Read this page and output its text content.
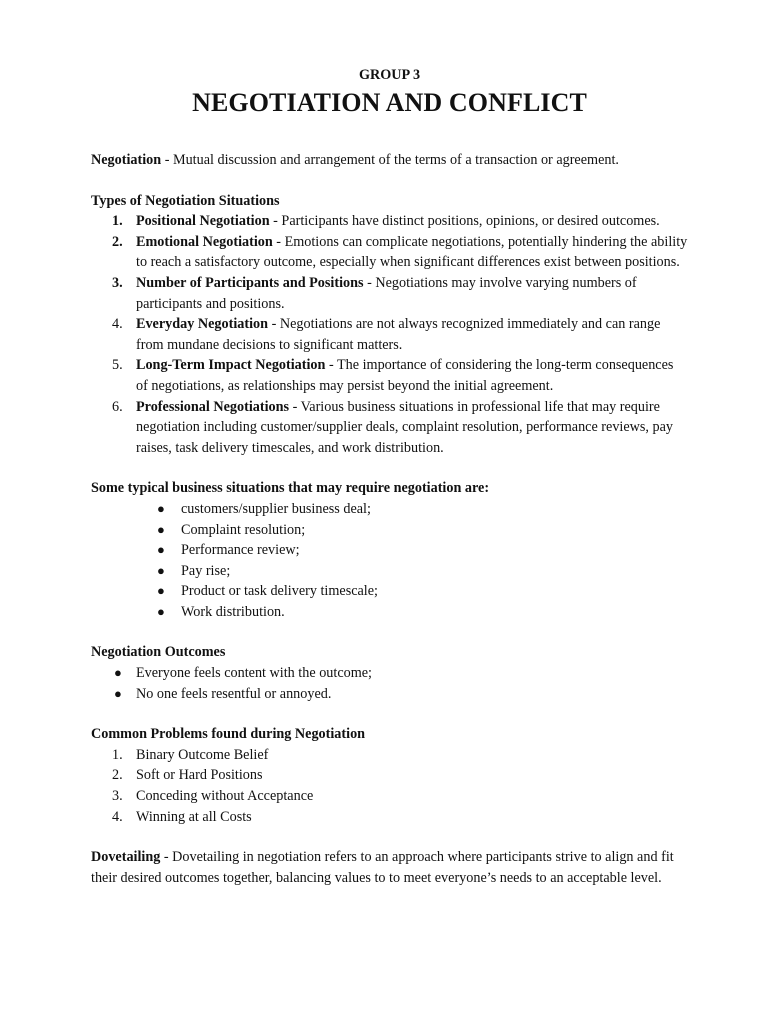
GROUP 3

NEGOTIATION AND CONFLICT

Negotiation - Mutual discussion and arrangement of the terms of a transaction or agreement.

Types of Negotiation Situations

1. Positional Negotiation - Participants have distinct positions, opinions, or desired outcomes.
2. Emotional Negotiation - Emotions can complicate negotiations, potentially hindering the ability to reach a satisfactory outcome, especially when significant differences exist between positions.
3. Number of Participants and Positions - Negotiations may involve varying numbers of participants and positions.
4. Everyday Negotiation - Negotiations are not always recognized immediately and can range from mundane decisions to significant matters.
5. Long-Term Impact Negotiation - The importance of considering the long-term consequences of negotiations, as relationships may persist beyond the initial agreement.
6. Professional Negotiations - Various business situations in professional life that may require negotiation including customer/supplier deals, complaint resolution, performance reviews, pay raises, task delivery timescales, and work distribution.

Some typical business situations that may require negotiation are:

● customers/supplier business deal;
● Complaint resolution;
● Performance review;
● Pay rise;
● Product or task delivery timescale;
● Work distribution.

Negotiation Outcomes

● Everyone feels content with the outcome;
● No one feels resentful or annoyed.

Common Problems found during Negotiation

1. Binary Outcome Belief
2. Soft or Hard Positions
3. Conceding without Acceptance
4. Winning at all Costs

Dovetailing - Dovetailing in negotiation refers to an approach where participants strive to align and fit their desired outcomes together, balancing values to to meet everyone’s needs to an acceptable level.
